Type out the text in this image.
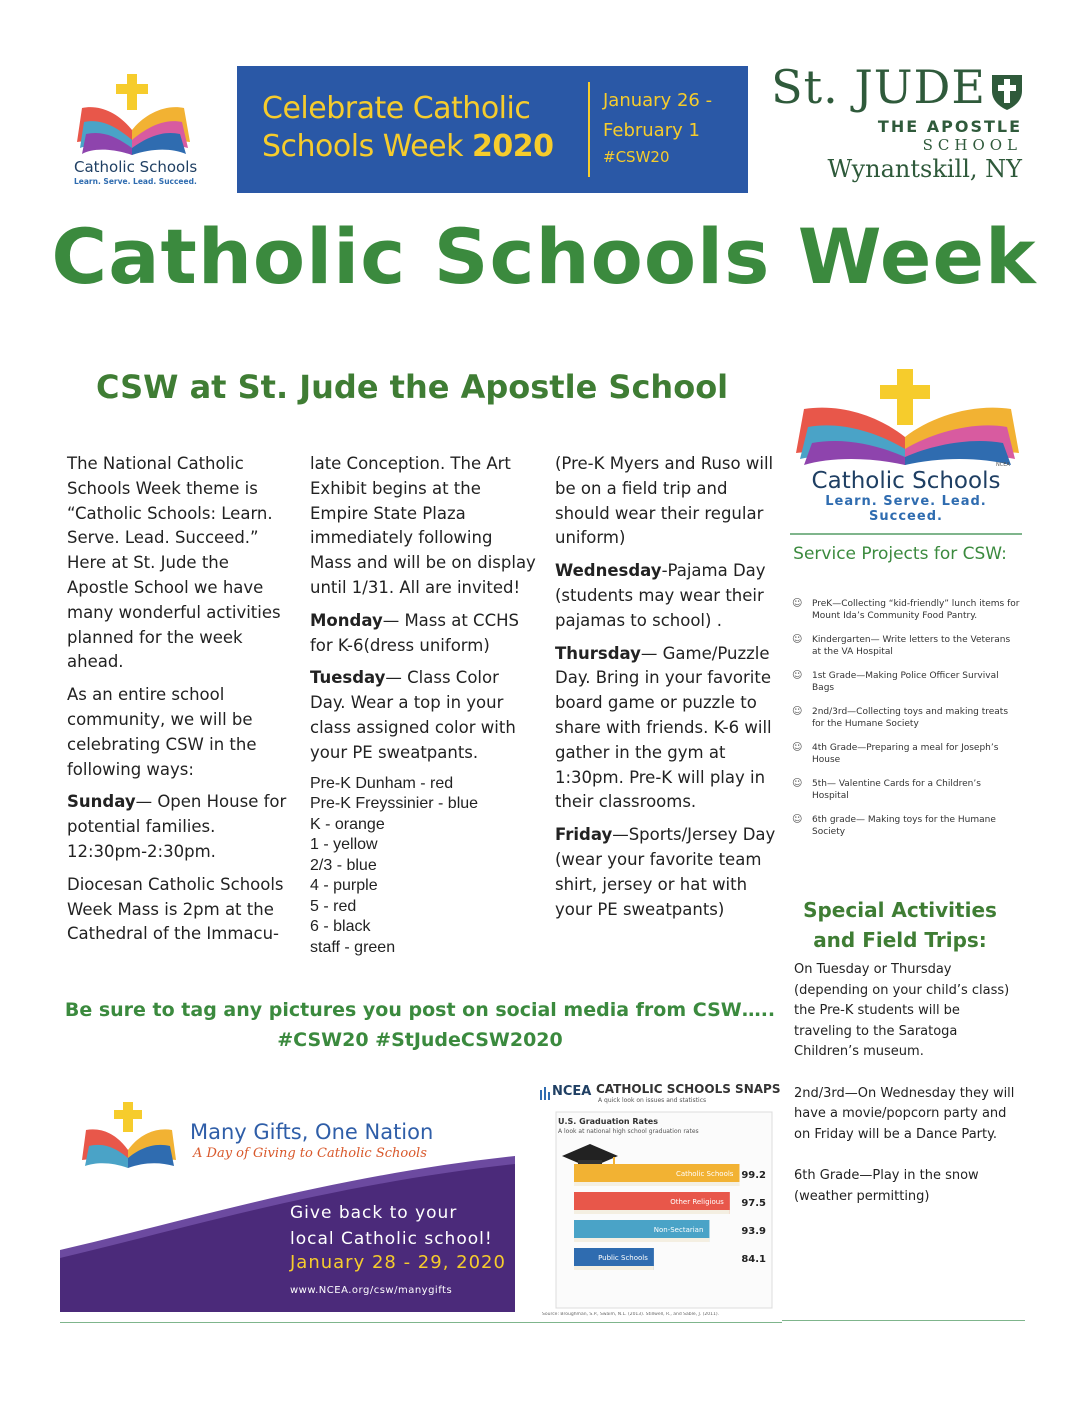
Catholic Schools
Learn. Serve. Lead. Succeed.
Celebrate Catholic
Schools Week 2020
January 26 -
February 1
#CSW20
St. JUDE
THE APOSTLE
SCHOOL
Wynantskill, NY
Catholic Schools Week
CSW at St. Jude the Apostle School

The National Catholic Schools Week theme is “Catholic Schools: Learn. Serve. Lead. Succeed.” Here at St. Jude the Apostle School we have many wonderful activities planned for the week ahead.

As an entire school community, we will be celebrating CSW in the following ways:

Sunday— Open House for potential families. 12:30pm-2:30pm.

Diocesan Catholic Schools Week Mass is 2pm at the Cathedral of the Immacu-

late Conception. The Art Exhibit begins at the Empire State Plaza immediately following Mass and will be on display until 1/31. All are invited!

Monday— Mass at CCHS for K-6(dress uniform)

Tuesday— Class Color Day. Wear a top in your class assigned color with your PE sweatpants.

Pre-K Dunham - red
Pre-K Freyssinier - blue
K - orange
1 - yellow
2/3 - blue
4 - purple
5 - red
6 - black
staff - green

(Pre-K Myers and Ruso will be on a field trip and should wear their regular uniform)

Wednesday-Pajama Day (students may wear their pajamas to school) .

Thursday— Game/Puzzle Day. Bring in your favorite board game or puzzle to share with friends. K-6 will gather in the gym at 1:30pm. Pre-K will play in their classrooms.

Friday—Sports/Jersey Day (wear your favorite team shirt, jersey or hat with your PE sweatpants)

NCEA
Catholic Schools
Learn. Serve. Lead. Succeed.
Service Projects for CSW:
☺ PreK—Collecting “kid-friendly” lunch items for Mount Ida’s Community Food Pantry.
☺ Kindergarten— Write letters to the Veterans at the VA Hospital
☺ 1st Grade—Making Police Officer Survival Bags
☺ 2nd/3rd—Collecting toys and making treats for the Humane Society
☺ 4th Grade—Preparing a meal for Joseph’s House
☺ 5th— Valentine Cards for a Children’s Hospital
☺ 6th grade— Making toys for the Humane Society
Special Activities and Field Trips:

On Tuesday or Thursday (depending on your child’s class) the Pre-K students will be traveling to the Saratoga Children’s museum.

2nd/3rd—On Wednesday they will have a movie/popcorn party and on Friday will be a Dance Party.

6th Grade—Play in the snow (weather permitting)

Be sure to tag any pictures you post on social media from CSW…..
#CSW20 #StJudeCSW2020
Many Gifts, One Nation
A Day of Giving to Catholic Schools
Give back to your
local Catholic school!
January 28 - 29, 2020
www.NCEA.org/csw/manygifts
NCEA CATHOLIC SCHOOLS SNAPS
A quick look on issues and statistics
U.S. Graduation Rates
A look at national high school graduation rates
Catholic Schools 99.2
Other Religious 97.5
Non-Sectarian	93.9
Public Schools	84.1
Source: Broughman, S.P., Swaim, N.L. (2013). Stillwell, R., and Sable, J. (2011).
